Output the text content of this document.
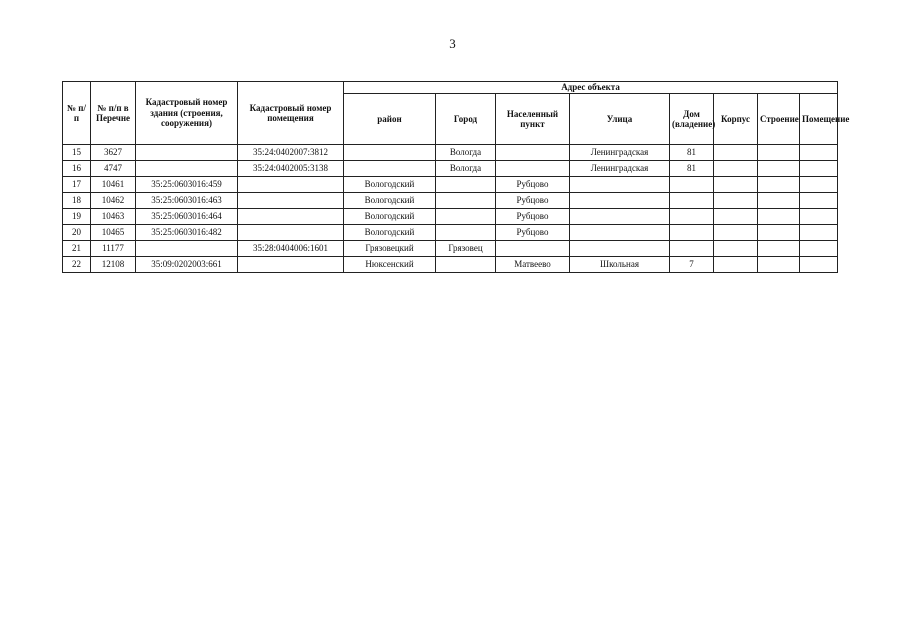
3
№ п/п	№ п/п в Перечне	Кадастровый номер здания (строения, сооружения)	Кадастровый номер помещения	Адрес объекта							
				район	Город	Населенный пункт	Улица	Дом (владение)	Корпус	Строение	Помещение
15	3627		35:24:0402007:3812		Вологда		Ленинградская	81			
16	4747		35:24:0402005:3138		Вологда		Ленинградская	81			
17	10461	35:25:0603016:459		Вологодский		Рубцово					
18	10462	35:25:0603016:463		Вологодский		Рубцово					
19	10463	35:25:0603016:464		Вологодский		Рубцово					
20	10465	35:25:0603016:482		Вологодский		Рубцово					
21	11177		35:28:0404006:1601	Грязовецкий	Грязовец						
22	12108	35:09:0202003:661		Нюксенский		Матвеево	Школьная	7			
